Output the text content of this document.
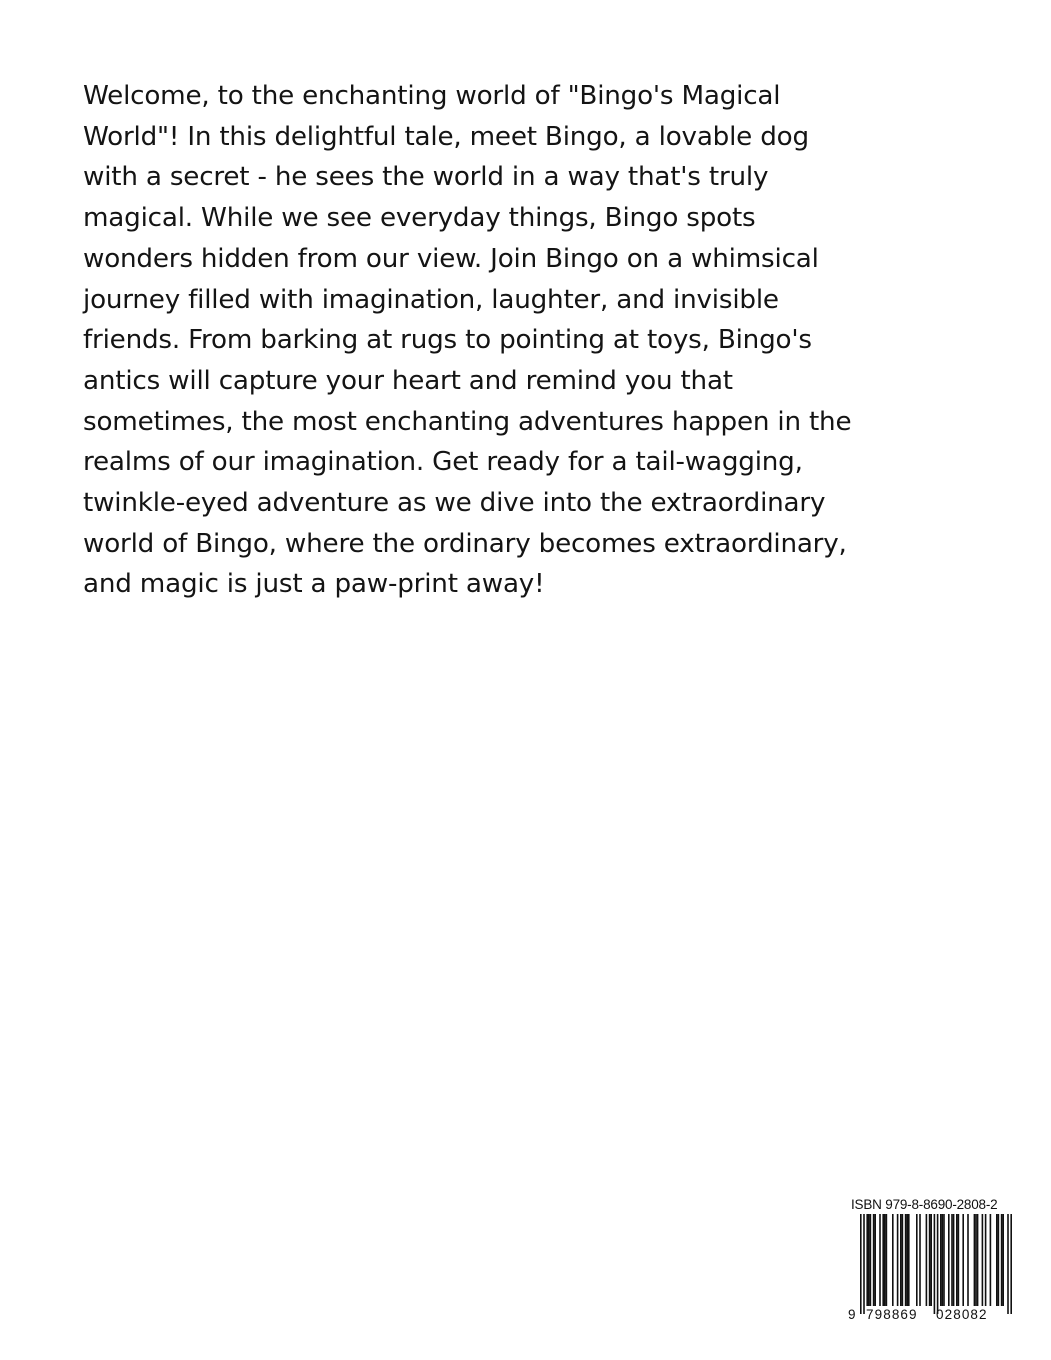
Welcome, to the enchanting world of "Bingo's Magical
World"! In this delightful tale, meet Bingo, a lovable dog
with a secret - he sees the world in a way that's truly
magical. While we see everyday things, Bingo spots
wonders hidden from our view. Join Bingo on a whimsical
journey filled with imagination, laughter, and invisible
friends. From barking at rugs to pointing at toys, Bingo's
antics will capture your heart and remind you that
sometimes, the most enchanting adventures happen in the
realms of our imagination. Get ready for a tail-wagging,
twinkle-eyed adventure as we dive into the extraordinary
world of Bingo, where the ordinary becomes extraordinary,
and magic is just a paw-print away!
ISBN 979-8-8690-2808-2
9 798869 028082
